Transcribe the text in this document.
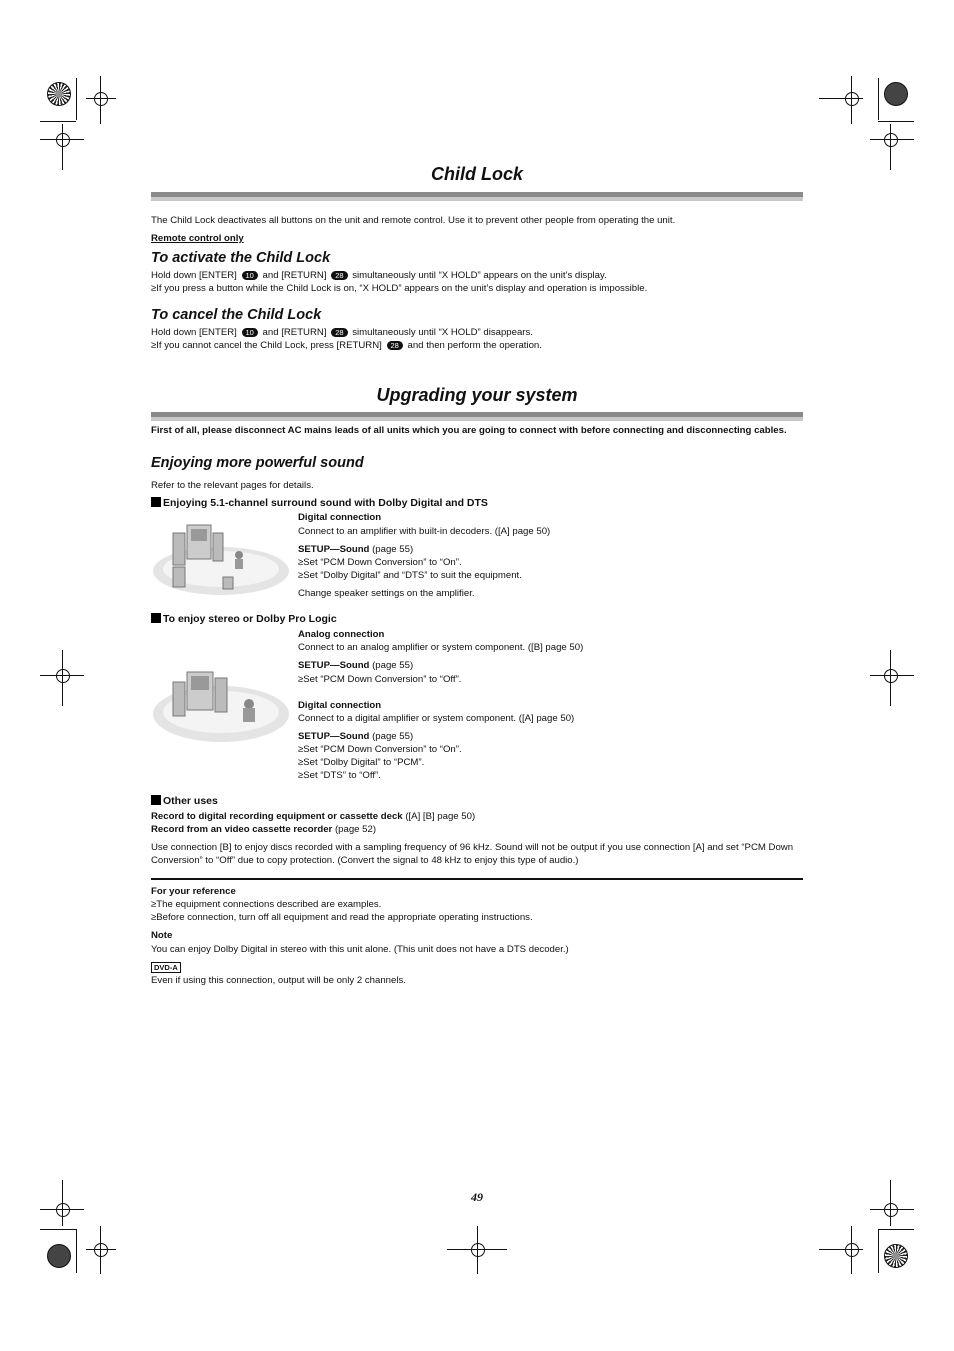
Child Lock
The Child Lock deactivates all buttons on the unit and remote control. Use it to prevent other people from operating the unit.
Remote control only
To activate the Child Lock
Hold down [ENTER] 10 and [RETURN] 28 simultaneously until “X HOLD” appears on the unit’s display.
≥If you press a button while the Child Lock is on, “X HOLD” appears on the unit’s display and operation is impossible.
To cancel the Child Lock
Hold down [ENTER] 10 and [RETURN] 28 simultaneously until “X HOLD” disappears.
≥If you cannot cancel the Child Lock, press [RETURN] 28 and then perform the operation.
Upgrading your system
First of all, please disconnect AC mains leads of all units which you are going to connect with before connecting and disconnecting cables.
Enjoying more powerful sound
Refer to the relevant pages for details.
Enjoying 5.1-channel surround sound with Dolby Digital and DTS
Digital connection
Connect to an amplifier with built-in decoders. ([A] page 50)
SETUP—Sound (page 55)
≥Set “PCM Down Conversion” to “On”.
≥Set “Dolby Digital” and “DTS” to suit the equipment.
Change speaker settings on the amplifier.
To enjoy stereo or Dolby Pro Logic
Analog connection
Connect to an analog amplifier or system component. ([B] page 50)
SETUP—Sound (page 55)
≥Set “PCM Down Conversion” to “Off”.
Digital connection
Connect to a digital amplifier or system component. ([A] page 50)
SETUP—Sound (page 55)
≥Set “PCM Down Conversion” to “On”.
≥Set “Dolby Digital” to “PCM”.
≥Set “DTS” to “Off”.
Other uses
Record to digital recording equipment or cassette deck ([A] [B] page 50)
Record from an video cassette recorder (page 52)
Use connection [B] to enjoy discs recorded with a sampling frequency of 96 kHz. Sound will not be output if you use connection [A] and set “PCM Down Conversion” to “Off” due to copy protection. (Convert the signal to 48 kHz to enjoy this type of audio.)
For your reference
≥The equipment connections described are examples.
≥Before connection, turn off all equipment and read the appropriate operating instructions.
Note
You can enjoy Dolby Digital in stereo with this unit alone. (This unit does not have a DTS decoder.)
DVD-A
Even if using this connection, output will be only 2 channels.
49
